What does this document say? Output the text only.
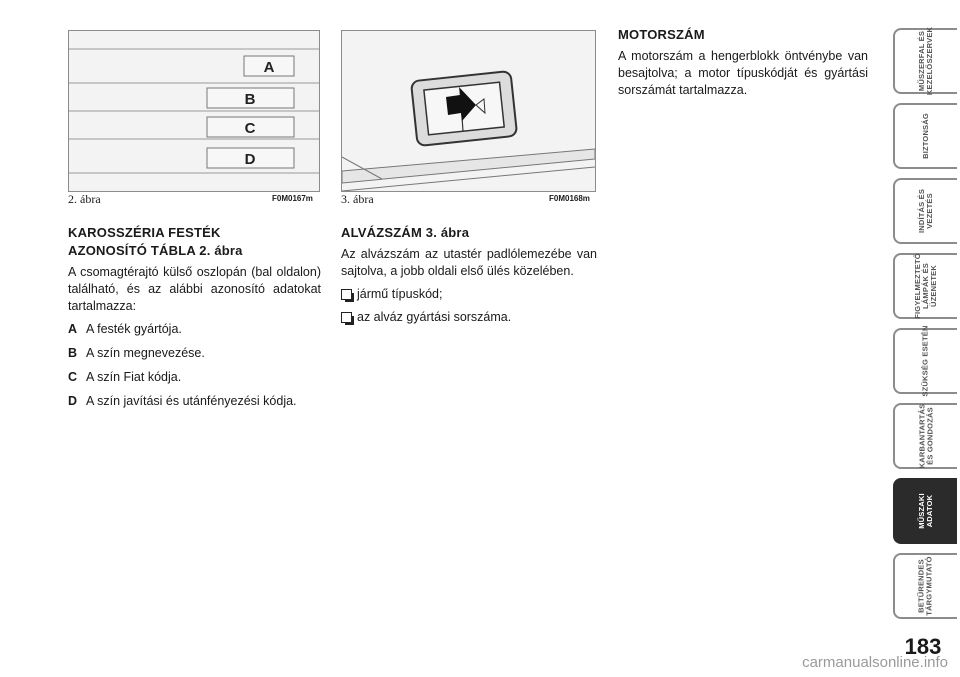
A
B
C
D
2. ábra	F0M0167m 3. ábra	F0M0168m
KAROSSZÉRIA FESTÉK
AZONOSÍTÓ TÁBLA 2. ábra

A csomagtérajtó külső oszlopán (bal oldalon) található, és az alábbi azonosító adatokat tartalmazza:

A A festék gyártója.
B A szín megnevezése.
C A szín Fiat kódja.
D A szín javítási és utánfényezési kódja.
ALVÁZSZÁM 3. ábra

Az alvázszám az utastér padlólemezébe van sajtolva, a jobb oldali első ülés közelében.

jármű típuskód;
az alváz gyártási sorszáma.
MOTORSZÁM

A motorszám a hengerblokk öntvénybe van besajtolva; a motor típuskódját és gyártási sorszámát tartalmazza.	MŰSZERFAL ÉS
KEZELŐSZERVEK
BIZTONSÁG
INDÍTÁS ÉS
VEZETÉS
FIGYELMEZTETŐ
LÁMPÁK ÉS
ÜZENETEK
SZÜKSÉG ESETÉN
KARBANTARTÁS
ÉS GONDOZÁS
MŰSZAKI
ADATOK
BETŰRENDES
TÁRGYMUTATÓ
183
carmanualsonline.info
